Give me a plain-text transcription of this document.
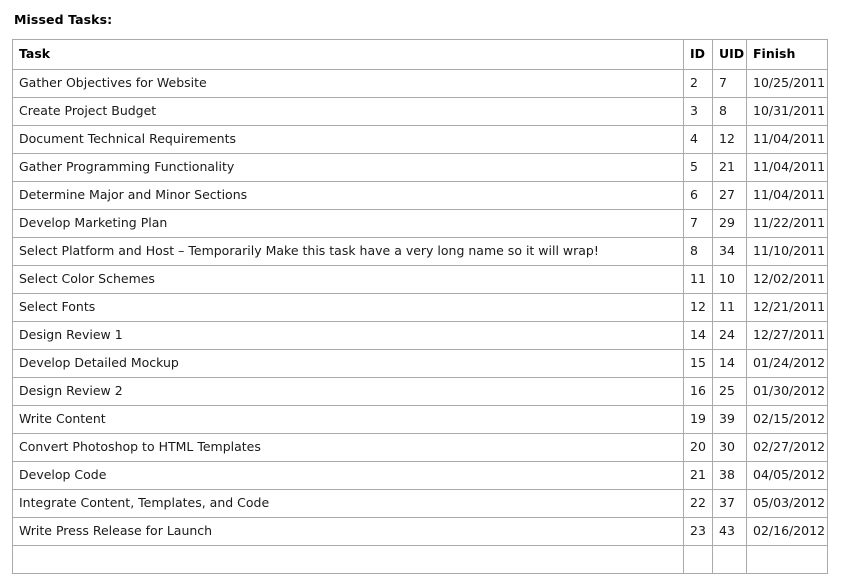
Missed Tasks:
Task	ID	UID	Finish
Gather Objectives for Website	2	7	10/25/2011
Create Project Budget	3	8	10/31/2011
Document Technical Requirements	4	12	11/04/2011
Gather Programming Functionality	5	21	11/04/2011
Determine Major and Minor Sections	6	27	11/04/2011
Develop Marketing Plan	7	29	11/22/2011
Select Platform and Host – Temporarily Make this task have a very long name so it will wrap!	8	34	11/10/2011
Select Color Schemes	11	10	12/02/2011
Select Fonts	12	11	12/21/2011
Design Review 1	14	24	12/27/2011
Develop Detailed Mockup	15	14	01/24/2012
Design Review 2	16	25	01/30/2012
Write Content	19	39	02/15/2012
Convert Photoshop to HTML Templates	20	30	02/27/2012
Develop Code	21	38	04/05/2012
Integrate Content, Templates, and Code	22	37	05/03/2012
Write Press Release for Launch	23	43	02/16/2012
